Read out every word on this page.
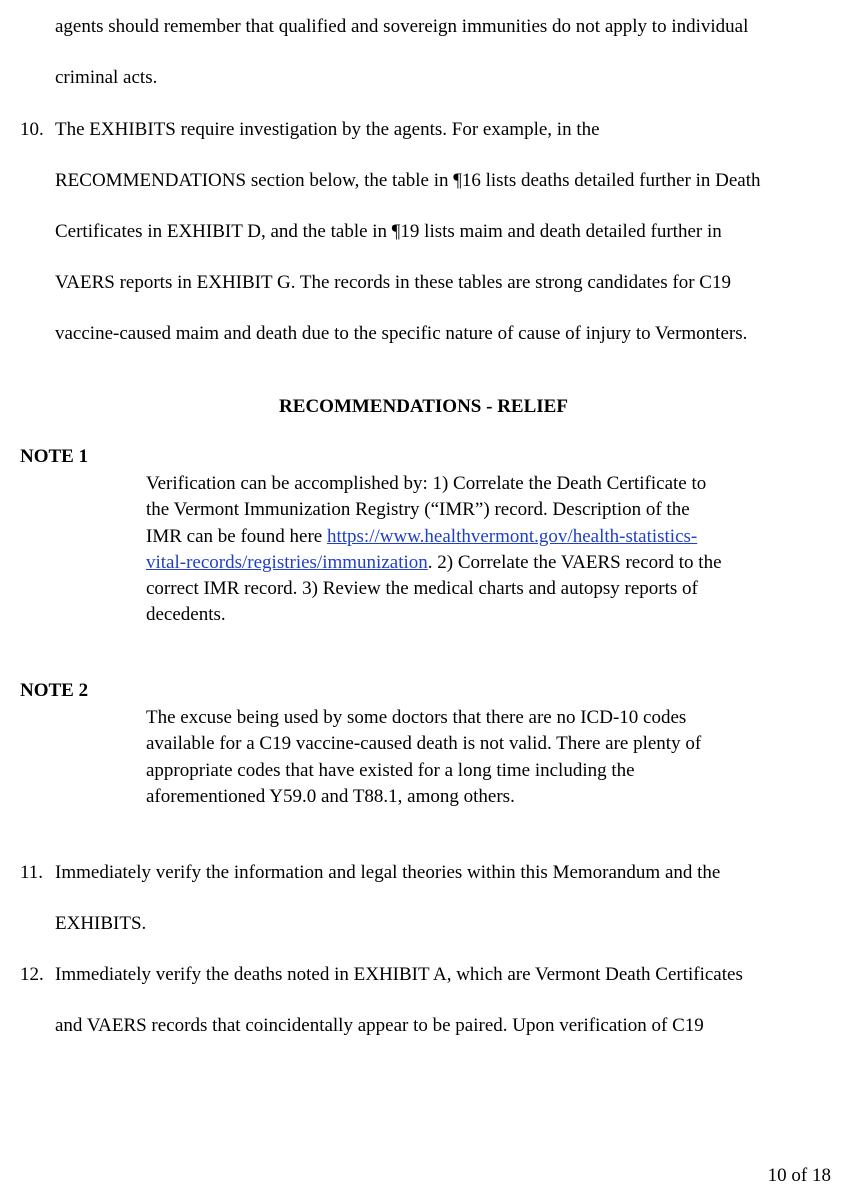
agents should remember that qualified and sovereign immunities do not apply to individual
criminal acts.
10. The EXHIBITS require investigation by the agents. For example, in the
RECOMMENDATIONS section below, the table in ¶16 lists deaths detailed further in Death
Certificates in EXHIBIT D, and the table in ¶19 lists maim and death detailed further in
VAERS reports in EXHIBIT G. The records in these tables are strong candidates for C19
vaccine-caused maim and death due to the specific nature of cause of injury to Vermonters.
RECOMMENDATIONS - RELIEF
NOTE 1

Verification can be accomplished by: 1) Correlate the Death Certificate to the Vermont Immunization Registry (“IMR”) record. Description of the IMR can be found here https://www.healthvermont.gov/health-statistics-vital-records/registries/immunization. 2) Correlate the VAERS record to the correct IMR record. 3) Review the medical charts and autopsy reports of decedents.

NOTE 2

The excuse being used by some doctors that there are no ICD-10 codes available for a C19 vaccine-caused death is not valid. There are plenty of appropriate codes that have existed for a long time including the aforementioned Y59.0 and T88.1, among others.

11. Immediately verify the information and legal theories within this Memorandum and the
EXHIBITS.
12. Immediately verify the deaths noted in EXHIBIT A, which are Vermont Death Certificates
and VAERS records that coincidentally appear to be paired. Upon verification of C19
10 of 18
